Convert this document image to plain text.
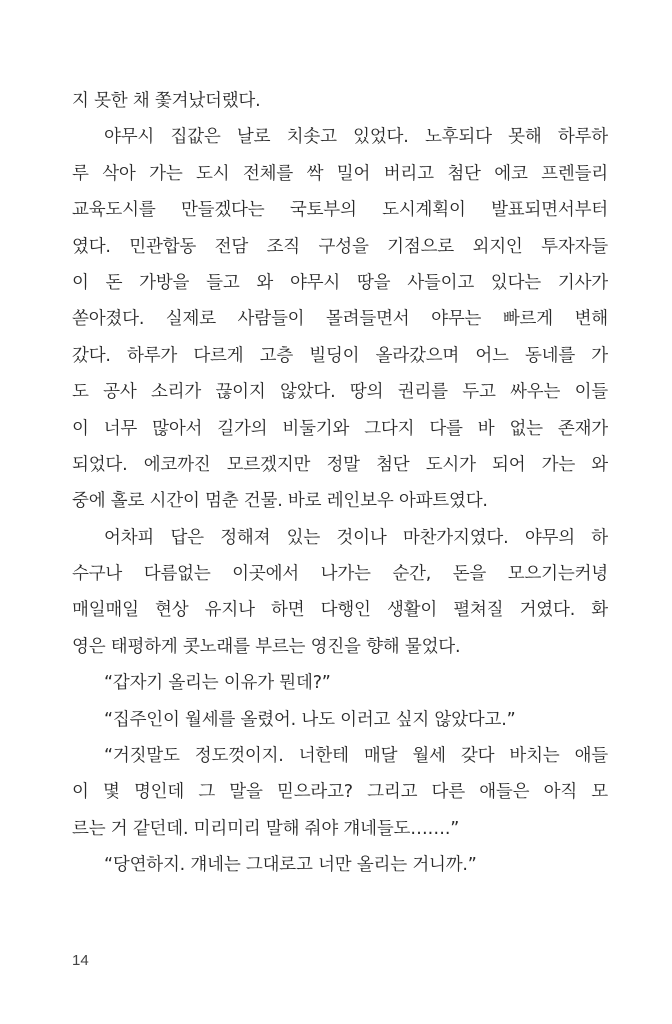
지 못한 채 쫓겨났더랬다.
야무시 집값은 날로 치솟고 있었다. 노후되다 못해 하루하
루 삭아 가는 도시 전체를 싹 밀어 버리고 첨단 에코 프렌들리
교육도시를 만들겠다는 국토부의 도시계획이 발표되면서부터
였다. 민관합동 전담 조직 구성을 기점으로 외지인 투자자들
이 돈 가방을 들고 와 야무시 땅을 사들이고 있다는 기사가
쏟아졌다. 실제로 사람들이 몰려들면서 야무는 빠르게 변해
갔다. 하루가 다르게 고층 빌딩이 올라갔으며 어느 동네를 가
도 공사 소리가 끊이지 않았다. 땅의 권리를 두고 싸우는 이들
이 너무 많아서 길가의 비둘기와 그다지 다를 바 없는 존재가
되었다. 에코까진 모르겠지만 정말 첨단 도시가 되어 가는 와
중에 홀로 시간이 멈춘 건물. 바로 레인보우 아파트였다.
어차피 답은 정해져 있는 것이나 마찬가지였다. 야무의 하
수구나 다름없는 이곳에서 나가는 순간, 돈을 모으기는커녕
매일매일 현상 유지나 하면 다행인 생활이 펼쳐질 거였다. 화
영은 태평하게 콧노래를 부르는 영진을 향해 물었다.
“갑자기 올리는 이유가 뭔데?”
“집주인이 월세를 올렸어. 나도 이러고 싶지 않았다고.”
“거짓말도 정도껏이지. 너한테 매달 월세 갖다 바치는 애들
이 몇 명인데 그 말을 믿으라고? 그리고 다른 애들은 아직 모
르는 거 같던데. 미리미리 말해 줘야 걔네들도…….”
“당연하지. 걔네는 그대로고 너만 올리는 거니까.”
14
